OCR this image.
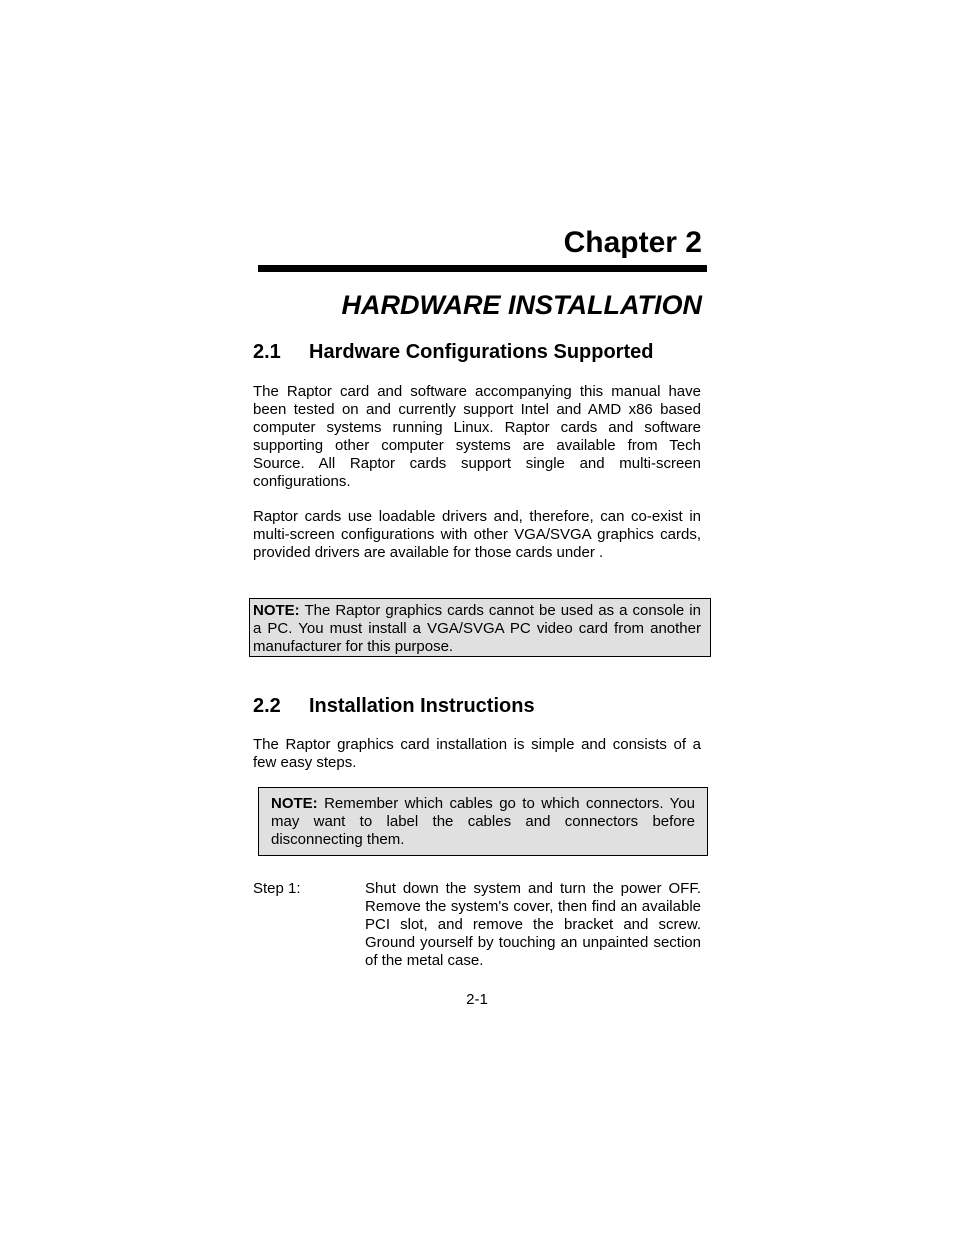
Chapter 2
HARDWARE INSTALLATION
2.1 Hardware Configurations Supported

The Raptor card and software accompanying this manual have been tested on and currently support Intel and AMD x86 based computer systems running Linux. Raptor cards and software supporting other computer systems are available from Tech Source. All Raptor cards support single and multi-screen configurations.

Raptor cards use loadable drivers and, therefore, can co-exist in multi-screen configurations with other VGA/SVGA graphics cards, provided drivers are available for those cards under .

NOTE: The Raptor graphics cards cannot be used as a console in a PC. You must install a VGA/SVGA PC video card from another manufacturer for this purpose.
2.2 Installation Instructions

The Raptor graphics card installation is simple and consists of a few easy steps.

NOTE: Remember which cables go to which connectors. You may want to label the cables and connectors before disconnecting them.
Step 1:	Shut down the system and turn the power OFF. Remove the system's cover, then find an available PCI slot, and remove the bracket and screw. Ground yourself by touching an unpainted section of the metal case.

2-1
